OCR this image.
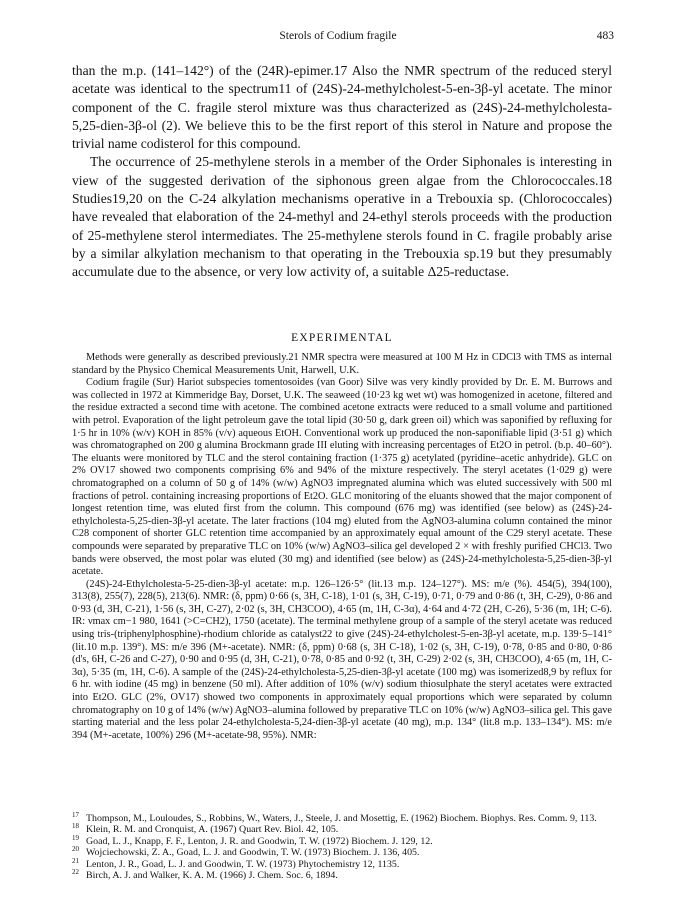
Sterols of Codium fragile	483

than the m.p. (141–142°) of the (24R)-epimer.17 Also the NMR spectrum of the reduced steryl acetate was identical to the spectrum11 of (24S)-24-methylcholest-5-en-3β-yl acetate. The minor component of the C. fragile sterol mixture was thus characterized as (24S)-24-methylcholesta-5,25-dien-3β-ol (2). We believe this to be the first report of this sterol in Nature and propose the trivial name codisterol for this compound.

The occurrence of 25-methylene sterols in a member of the Order Siphonales is interesting in view of the suggested derivation of the siphonous green algae from the Chlorococcales.18 Studies19,20 on the C-24 alkylation mechanisms operative in a Trebouxia sp. (Chlorococcales) have revealed that elaboration of the 24-methyl and 24-ethyl sterols proceeds with the production of 25-methylene sterol intermediates. The 25-methylene sterols found in C. fragile probably arise by a similar alkylation mechanism to that operating in the Trebouxia sp.19 but they presumably accumulate due to the absence, or very low activity of, a suitable Δ25-reductase.

EXPERIMENTAL

Methods were generally as described previously.21 NMR spectra were measured at 100 M Hz in CDCl3 with TMS as internal standard by the Physico Chemical Measurements Unit, Harwell, U.K.

Codium fragile (Sur) Hariot subspecies tomentosoides (van Goor) Silve was very kindly provided by Dr. E. M. Burrows and was collected in 1972 at Kimmeridge Bay, Dorset, U.K. The seaweed (10·23 kg wet wt) was homogenized in acetone, filtered and the residue extracted a second time with acetone. The combined acetone extracts were reduced to a small volume and partitioned with petrol. Evaporation of the light petroleum gave the total lipid (30·50 g, dark green oil) which was saponified by refluxing for 1·5 hr in 10% (w/v) KOH in 85% (v/v) aqueous EtOH. Conventional work up produced the non-saponifiable lipid (3·51 g) which was chromatographed on 200 g alumina Brockmann grade III eluting with increasing percentages of Et2O in petrol. (b.p. 40–60°). The eluants were monitored by TLC and the sterol containing fraction (1·375 g) acetylated (pyridine–acetic anhydride). GLC on 2% OV17 showed two components comprising 6% and 94% of the mixture respectively. The steryl acetates (1·029 g) were chromatographed on a column of 50 g of 14% (w/w) AgNO3 impregnated alumina which was eluted successively with 500 ml fractions of petrol. containing increasing proportions of Et2O. GLC monitoring of the eluants showed that the major component of longest retention time, was eluted first from the column. This compound (676 mg) was identified (see below) as (24S)-24-ethylcholesta-5,25-dien-3β-yl acetate. The later fractions (104 mg) eluted from the AgNO3-alumina column contained the minor C28 component of shorter GLC retention time accompanied by an approximately equal amount of the C29 steryl acetate. These compounds were separated by preparative TLC on 10% (w/w) AgNO3–silica gel developed 2 × with freshly purified CHCl3. Two bands were observed, the most polar was eluted (30 mg) and identified (see below) as (24S)-24-methylcholesta-5,25-dien-3β-yl acetate.

(24S)-24-Ethylcholesta-5-25-dien-3β-yl acetate: m.p. 126–126·5° (lit.13 m.p. 124–127°). MS: m/e (%). 454(5), 394(100), 313(8), 255(7), 228(5), 213(6). NMR: (δ, ppm) 0·66 (s, 3H, C-18), 1·01 (s, 3H, C-19), 0·71, 0·79 and 0·86 (t, 3H, C-29), 0·86 and 0·93 (d, 3H, C-21), 1·56 (s, 3H, C-27), 2·02 (s, 3H, CH3COO), 4·65 (m, 1H, C-3α), 4·64 and 4·72 (2H, C-26), 5·36 (m, 1H; C-6). IR: νmax cm−1 980, 1641 (>C=CH2), 1750 (acetate). The terminal methylene group of a sample of the steryl acetate was reduced using tris-(triphenylphosphine)-rhodium chloride as catalyst22 to give (24S)-24-ethylcholest-5-en-3β-yl acetate, m.p. 139·5–141° (lit.10 m.p. 139°). MS: m/e 396 (M+-acetate). NMR: (δ, ppm) 0·68 (s, 3H C-18), 1·02 (s, 3H, C-19), 0·78, 0·85 and 0·80, 0·86 (d's, 6H, C-26 and C-27), 0·90 and 0·95 (d, 3H, C-21), 0·78, 0·85 and 0·92 (t, 3H, C-29) 2·02 (s, 3H, CH3COO), 4·65 (m, 1H, C-3α), 5·35 (m, 1H, C-6). A sample of the (24S)-24-ethylcholesta-5,25-dien-3β-yl acetate (100 mg) was isomerized8,9 by reflux for 6 hr. with iodine (45 mg) in benzene (50 ml). After addition of 10% (w/v) sodium thiosulphate the steryl acetates were extracted into Et2O. GLC (2%, OV17) showed two components in approximately equal proportions which were separated by column chromatography on 10 g of 14% (w/w) AgNO3–alumina followed by preparative TLC on 10% (w/w) AgNO3–silica gel. This gave starting material and the less polar 24-ethylcholesta-5,24-dien-3β-yl acetate (40 mg), m.p. 134° (lit.8 m.p. 133–134°). MS: m/e 394 (M+-acetate, 100%) 296 (M+-acetate-98, 95%). NMR:

17 Thompson, M., Louloudes, S., Robbins, W., Waters, J., Steele, J. and Mosettig, E. (1962) Biochem. Biophys. Res. Comm. 9, 113.
18 Klein, R. M. and Cronquist, A. (1967) Quart Rev. Biol. 42, 105.
19 Goad, L. J., Knapp, F. F., Lenton, J. R. and Goodwin, T. W. (1972) Biochem. J. 129, 12.
20 Wojciechowski, Z. A., Goad, L. J. and Goodwin, T. W. (1973) Biochem. J. 136, 405.
21 Lenton, J. R., Goad, L. J. and Goodwin, T. W. (1973) Phytochemistry 12, 1135.
22 Birch, A. J. and Walker, K. A. M. (1966) J. Chem. Soc. 6, 1894.
